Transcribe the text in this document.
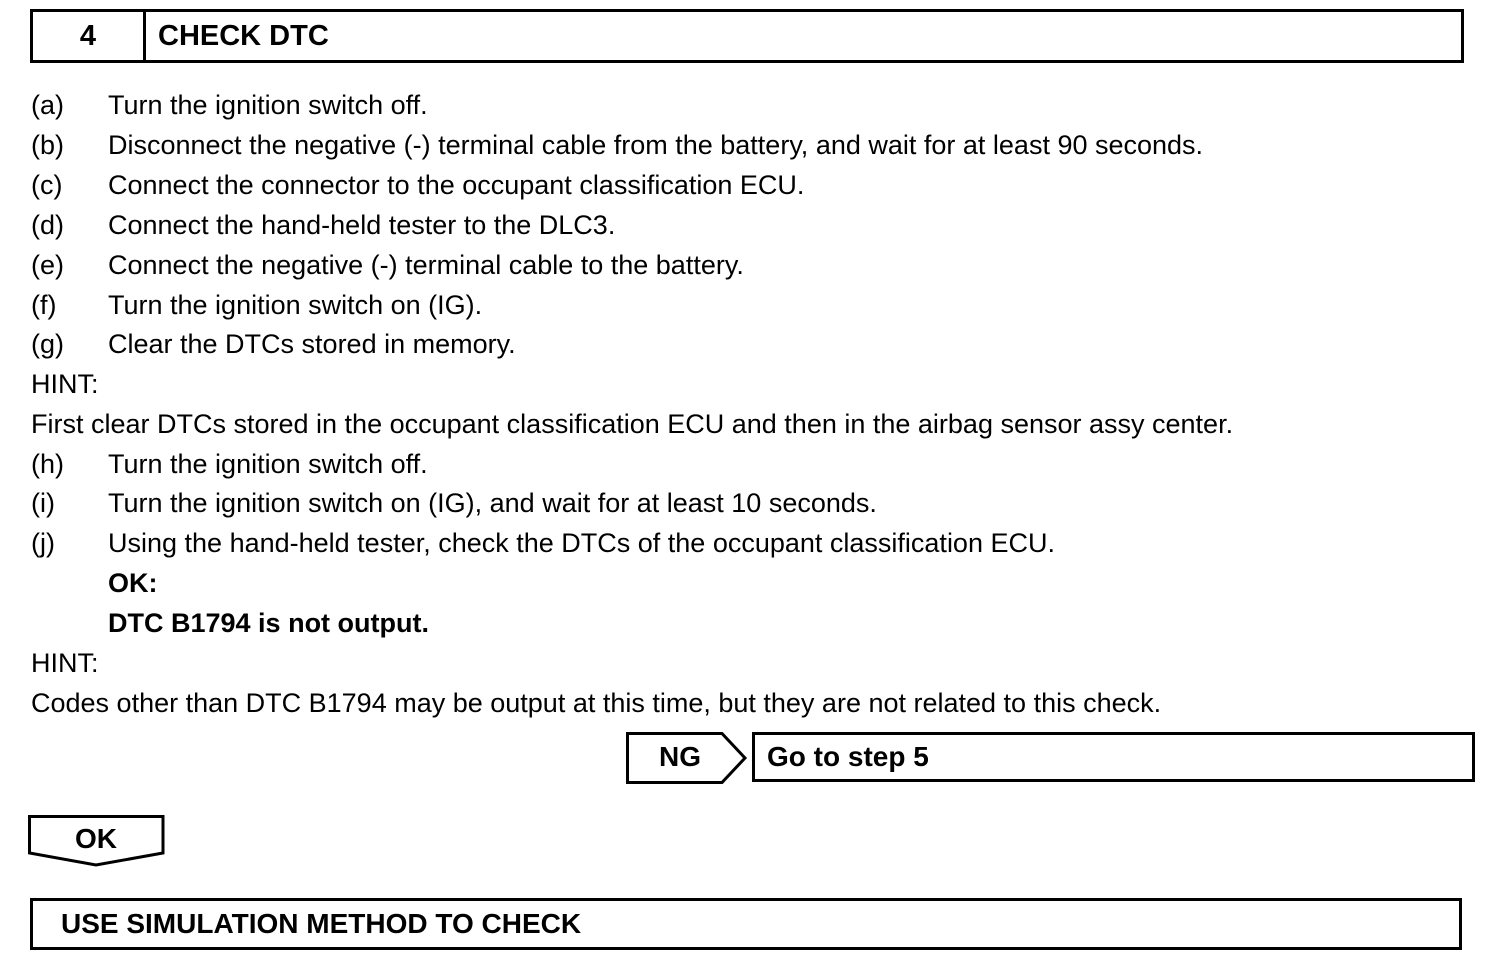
4	CHECK DTC
(a) Turn the ignition switch off.
(b) Disconnect the negative (-) terminal cable from the battery, and wait for at least 90 seconds.
(c) Connect the connector to the occupant classification ECU.
(d) Connect the hand-held tester to the DLC3.
(e) Connect the negative (-) terminal cable to the battery.
(f) Turn the ignition switch on (IG).
(g) Clear the DTCs stored in memory.
HINT:
First clear DTCs stored in the occupant classification ECU and then in the airbag sensor assy center.
(h) Turn the ignition switch off.
(i) Turn the ignition switch on (IG), and wait for at least 10 seconds.
(j) Using the hand-held tester, check the DTCs of the occupant classification ECU.
OK:
DTC B1794 is not output.
HINT:
Codes other than DTC B1794 may be output at this time, but they are not related to this check.
NG	Go to step 5
OK
USE SIMULATION METHOD TO CHECK
